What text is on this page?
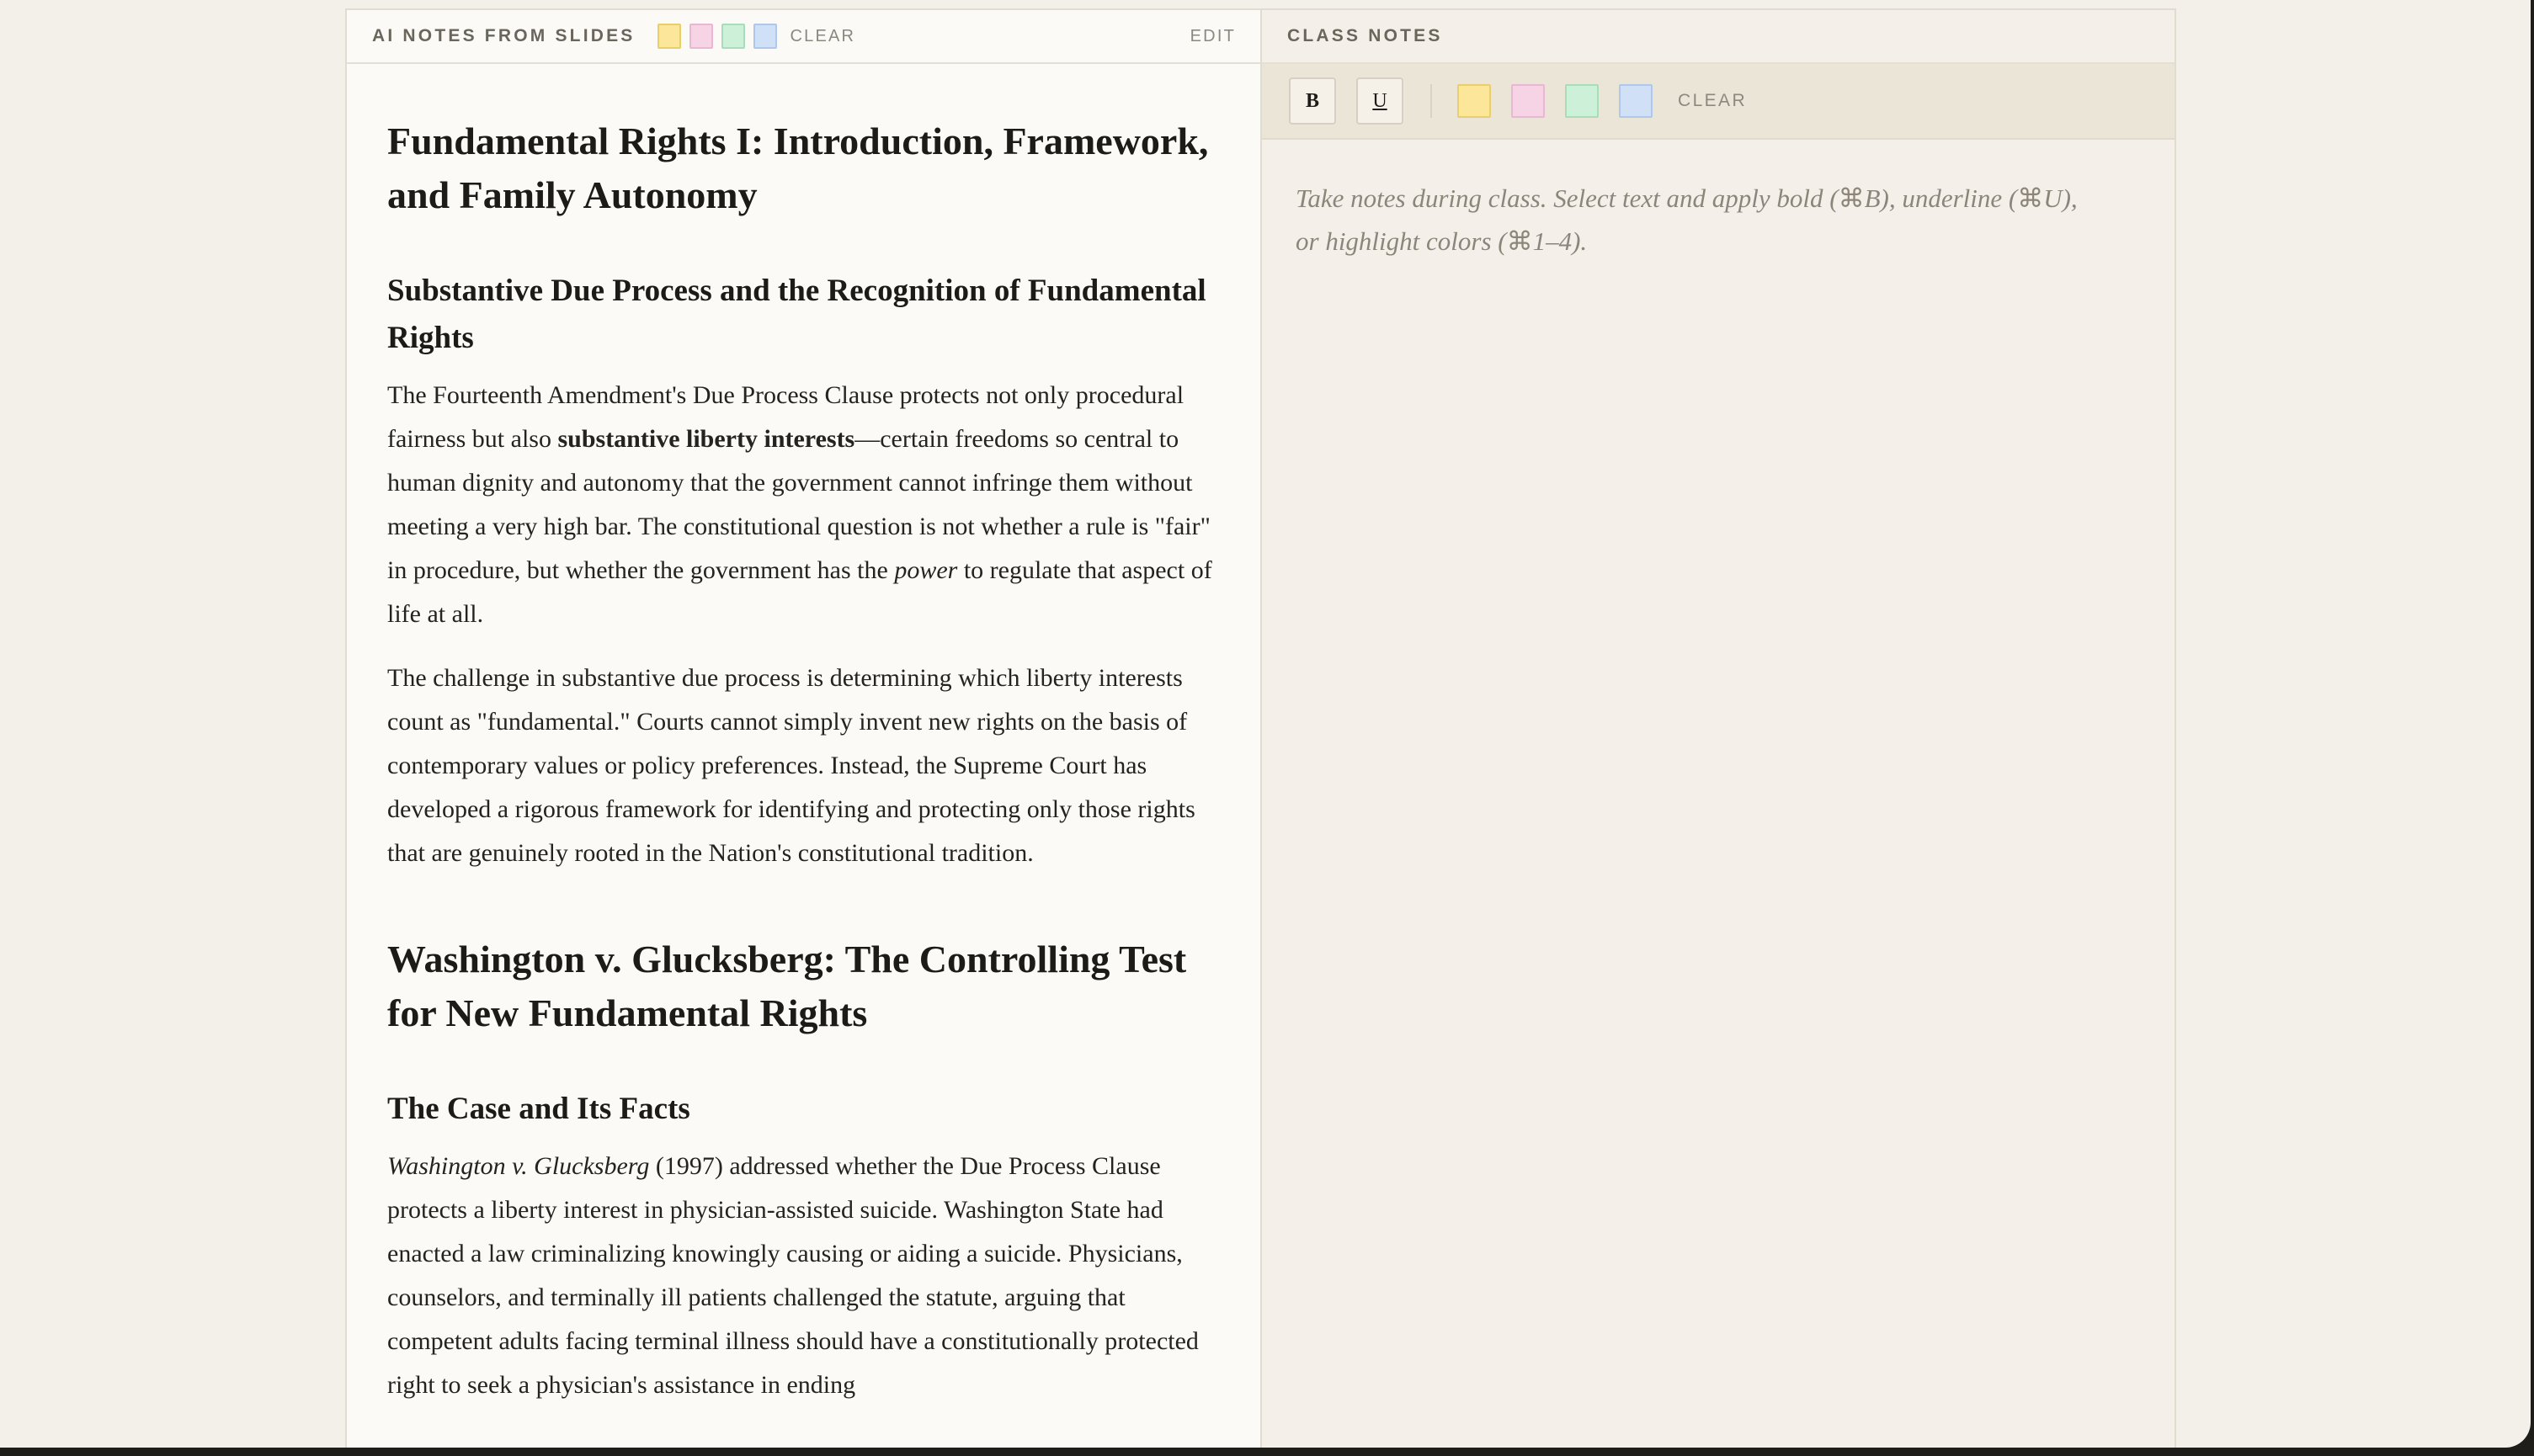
AI NOTES FROM SLIDES	CLEAR	EDIT
Fundamental Rights I: Introduction, Framework, and Family Autonomy
Substantive Due Process and the Recognition of Fundamental Rights

The Fourteenth Amendment's Due Process Clause protects not only procedural fairness but also substantive liberty interests—certain freedoms so central to human dignity and autonomy that the government cannot infringe them without meeting a very high bar. The constitutional question is not whether a rule is "fair" in procedure, but whether the government has the power to regulate that aspect of life at all.

The challenge in substantive due process is determining which liberty interests count as "fundamental." Courts cannot simply invent new rights on the basis of contemporary values or policy preferences. Instead, the Supreme Court has developed a rigorous framework for identifying and protecting only those rights that are genuinely rooted in the Nation's constitutional tradition.

Washington v. Glucksberg: The Controlling Test for New Fundamental Rights
The Case and Its Facts

Washington v. Glucksberg (1997) addressed whether the Due Process Clause protects a liberty interest in physician-assisted suicide. Washington State had enacted a law criminalizing knowingly causing or aiding a suicide. Physicians, counselors, and terminally ill patients challenged the statute, arguing that competent adults facing terminal illness should have a constitutionally protected right to seek a physician's assistance in ending

CLASS NOTES
B	U	CLEAR
Take notes during class. Select text and apply bold (⌘B), underline (⌘U), or highlight colors (⌘1–4).
